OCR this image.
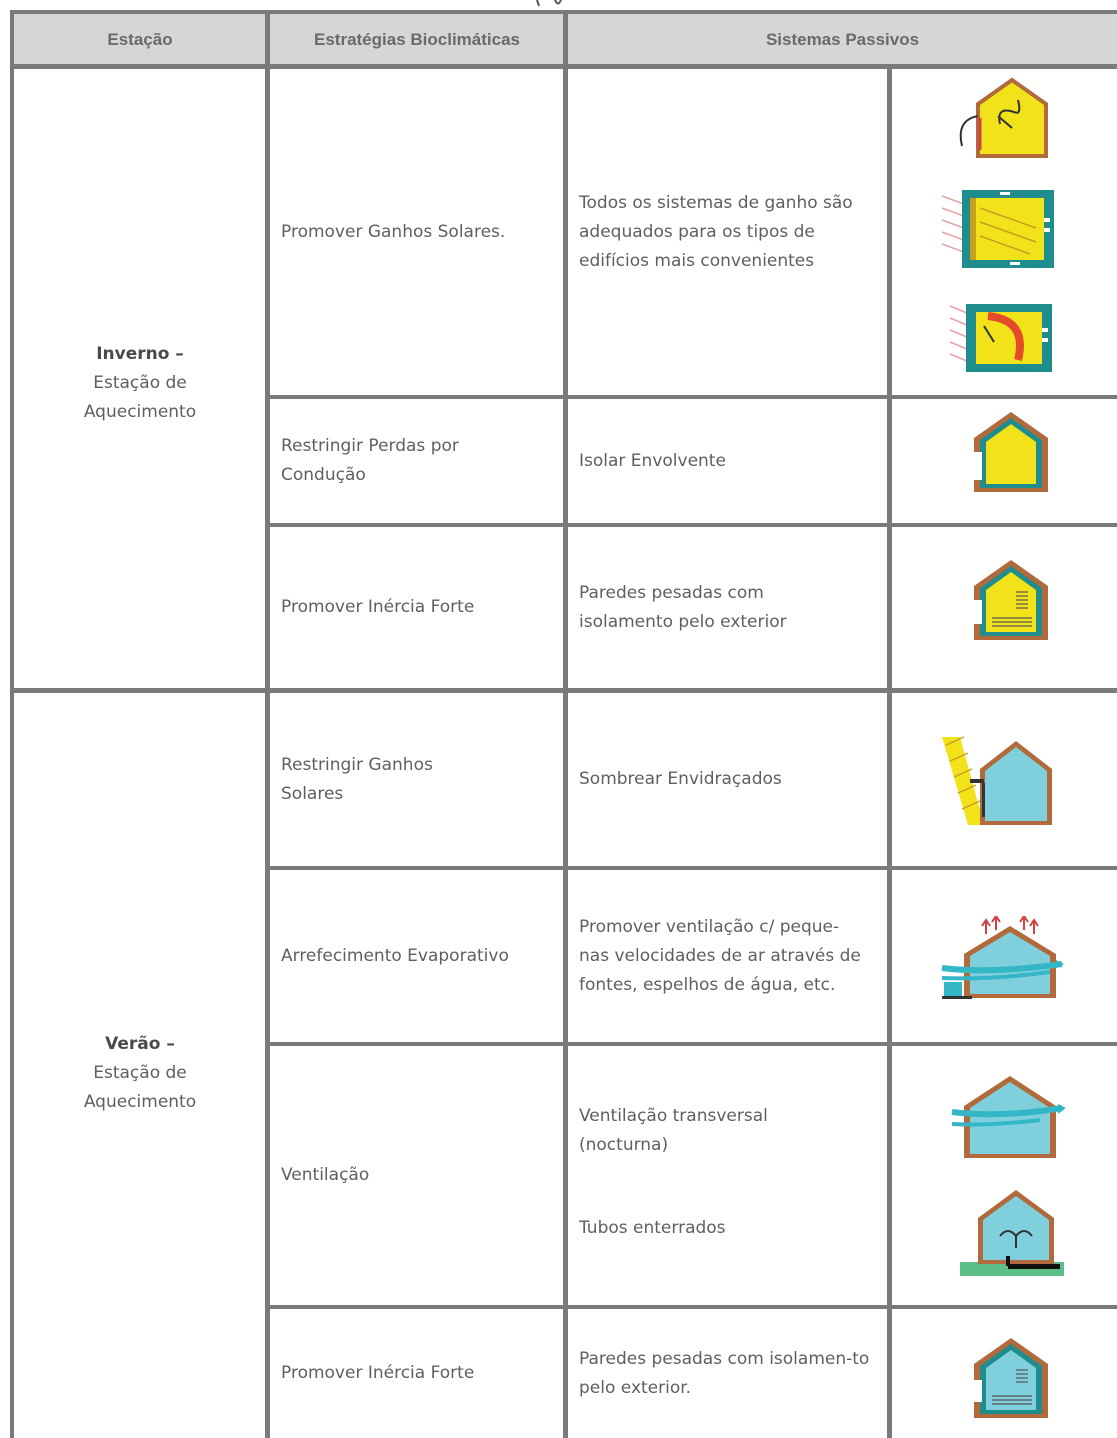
Estação	Estratégias Bioclimáticas	Sistemas Passivos
Inverno –
Estação de
Aquecimento
Verão –
Estação de
Aquecimento
Promover Ganhos Solares.
Restringir Perdas por Condução
Promover Inércia Forte
Todos os sistemas de ganho são adequados para os tipos de edifícios mais convenientes
Isolar Envolvente
Paredes pesadas com isolamento pelo exterior
Restringir Ganhos Solares
Arrefecimento Evaporativo
Ventilação
Promover Inércia Forte
Sombrear Envidraçados
Promover ventilação c/ peque-nas velocidades de ar através de fontes, espelhos de água, etc.
Ventilação transversal (nocturna)
Tubos enterrados
Paredes pesadas com isolamen-to pelo exterior.
